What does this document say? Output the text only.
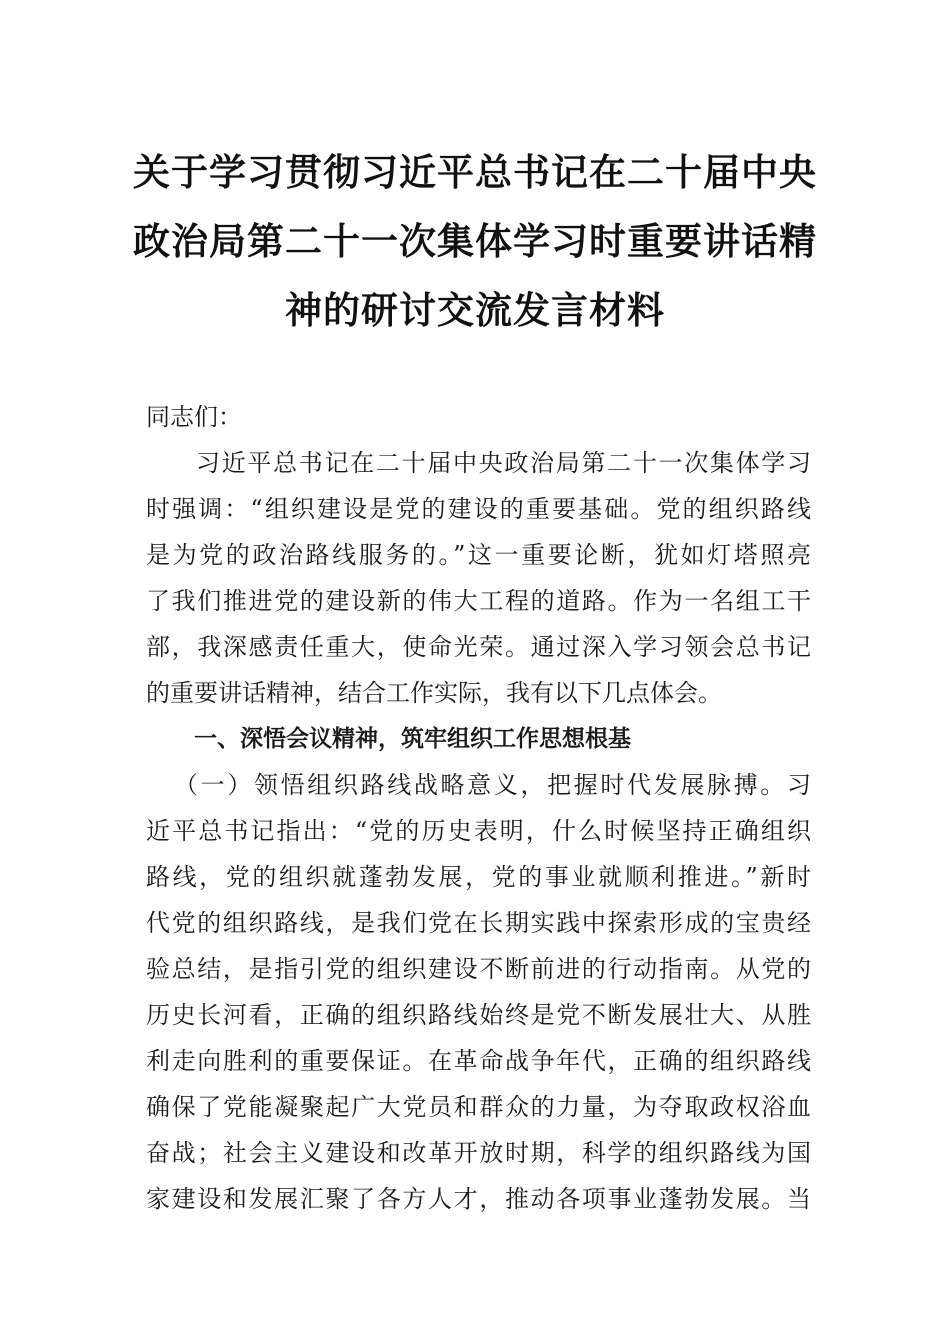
关于学习贯彻习近平总书记在二十届中央
政治局第二十一次集体学习时重要讲话精
神的研讨交流发言材料
同志们：
习近平总书记在二十届中央政治局第二十一次集体学习
时强调：“组织建设是党的建设的重要基础。党的组织路线
是为党的政治路线服务的。”这一重要论断，犹如灯塔照亮
了我们推进党的建设新的伟大工程的道路。作为一名组工干
部，我深感责任重大，使命光荣。通过深入学习领会总书记
的重要讲话精神，结合工作实际，我有以下几点体会。
一、深悟会议精神，筑牢组织工作思想根基
（一）领悟组织路线战略意义，把握时代发展脉搏。习
近平总书记指出：“党的历史表明，什么时候坚持正确组织
路线，党的组织就蓬勃发展，党的事业就顺利推进。”新时
代党的组织路线，是我们党在长期实践中探索形成的宝贵经
验总结，是指引党的组织建设不断前进的行动指南。从党的
历史长河看，正确的组织路线始终是党不断发展壮大、从胜
利走向胜利的重要保证。在革命战争年代，正确的组织路线
确保了党能凝聚起广大党员和群众的力量，为夺取政权浴血
奋战；社会主义建设和改革开放时期，科学的组织路线为国
家建设和发展汇聚了各方人才，推动各项事业蓬勃发展。当
